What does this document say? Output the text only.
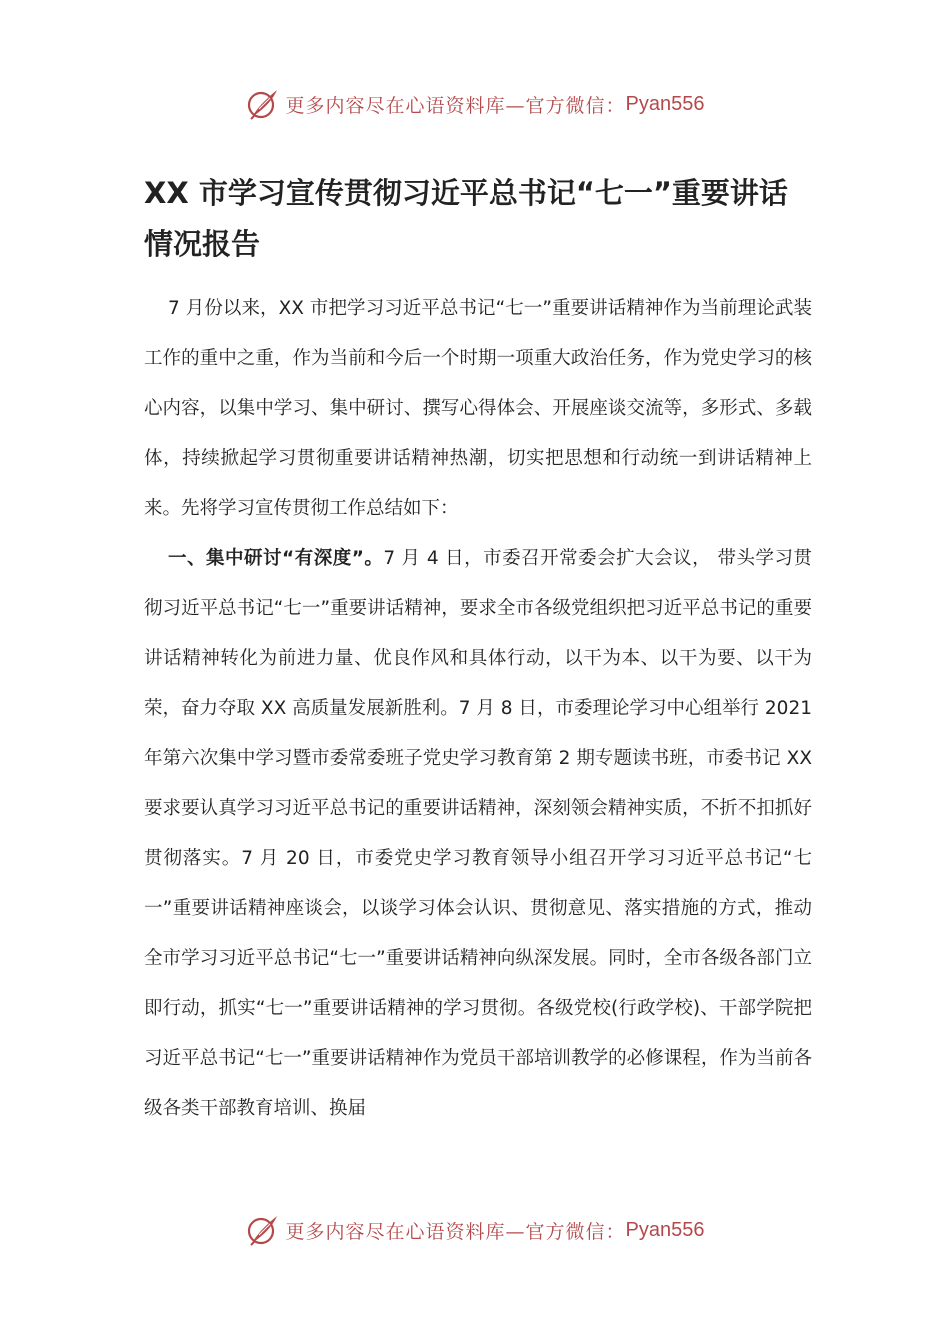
更多内容尽在心语资料库—官方微信： Pyan556
XX 市学习宣传贯彻习近平总书记“七一”重要讲话情况报告

7 月份以来，XX 市把学习习近平总书记“七一”重要讲话精神作为当前理论武装工作的重中之重，作为当前和今后一个时期一项重大政治任务，作为党史学习的核心内容，以集中学习、集中研讨、撰写心得体会、开展座谈交流等，多形式、多载体，持续掀起学习贯彻重要讲话精神热潮，切实把思想和行动统一到讲话精神上来。先将学习宣传贯彻工作总结如下：

一、集中研讨“有深度”。7 月 4 日，市委召开常委会扩大会议， 带头学习贯彻习近平总书记“七一”重要讲话精神，要求全市各级党组织把习近平总书记的重要讲话精神转化为前进力量、优良作风和具体行动，以干为本、以干为要、以干为荣，奋力夺取 XX 高质量发展新胜利。7 月 8 日，市委理论学习中心组举行 2021 年第六次集中学习暨市委常委班子党史学习教育第 2 期专题读书班，市委书记 XX 要求要认真学习习近平总书记的重要讲话精神，深刻领会精神实质，不折不扣抓好贯彻落实。7 月 20 日，市委党史学习教育领导小组召开学习习近平总书记“七一”重要讲话精神座谈会，以谈学习体会认识、贯彻意见、落实措施的方式，推动全市学习习近平总书记“七一”重要讲话精神向纵深发展。同时，全市各级各部门立即行动，抓实“七一”重要讲话精神的学习贯彻。各级党校(行政学校)、干部学院把习近平总书记“七一”重要讲话精神作为党员干部培训教学的必修课程，作为当前各级各类干部教育培训、换届

更多内容尽在心语资料库—官方微信： Pyan556
